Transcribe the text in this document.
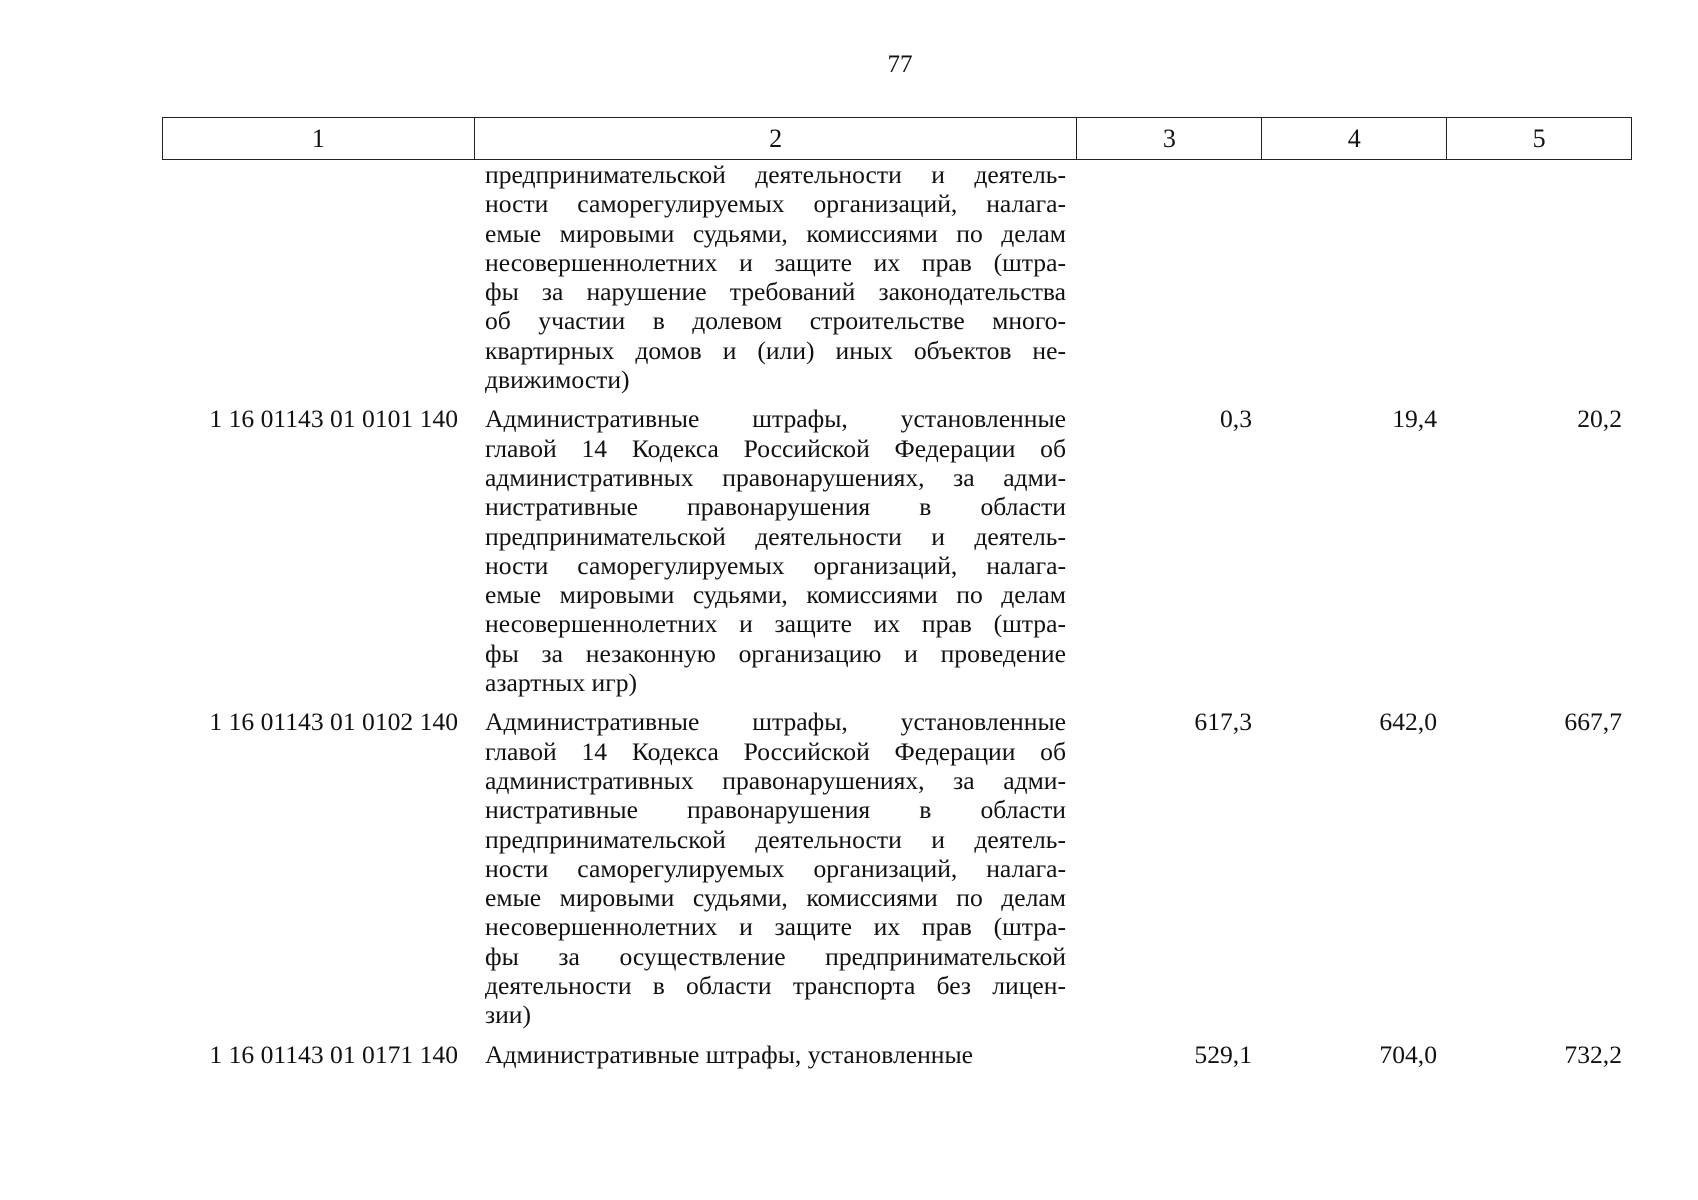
77
1	2	3	4	5
предпринимательской деятельности и деятель-
ности саморегулируемых организаций, налага-
емые мировыми судьями, комиссиями по делам
несовершеннолетних и защите их прав (штра-
фы за нарушение требований законодательства
об участии в долевом строительстве много-
квартирных домов и (или) иных объектов не-
движимости)
1 16 01143 01 0101 140	Административные штрафы, установленные
главой 14 Кодекса Российской Федерации об
административных правонарушениях, за адми-
нистративные правонарушения в области
предпринимательской деятельности и деятель-
ности саморегулируемых организаций, налага-
емые мировыми судьями, комиссиями по делам
несовершеннолетних и защите их прав (штра-
фы за незаконную организацию и проведение
азартных игр)
0,3	19,4	20,2
1 16 01143 01 0102 140	Административные штрафы, установленные
главой 14 Кодекса Российской Федерации об
административных правонарушениях, за адми-
нистративные правонарушения в области
предпринимательской деятельности и деятель-
ности саморегулируемых организаций, налага-
емые мировыми судьями, комиссиями по делам
несовершеннолетних и защите их прав (штра-
фы за осуществление предпринимательской
деятельности в области транспорта без лицен-
зии)
617,3	642,0	667,7
1 16 01143 01 0171 140	Административные штрафы, установленные	529,1	704,0	732,2
